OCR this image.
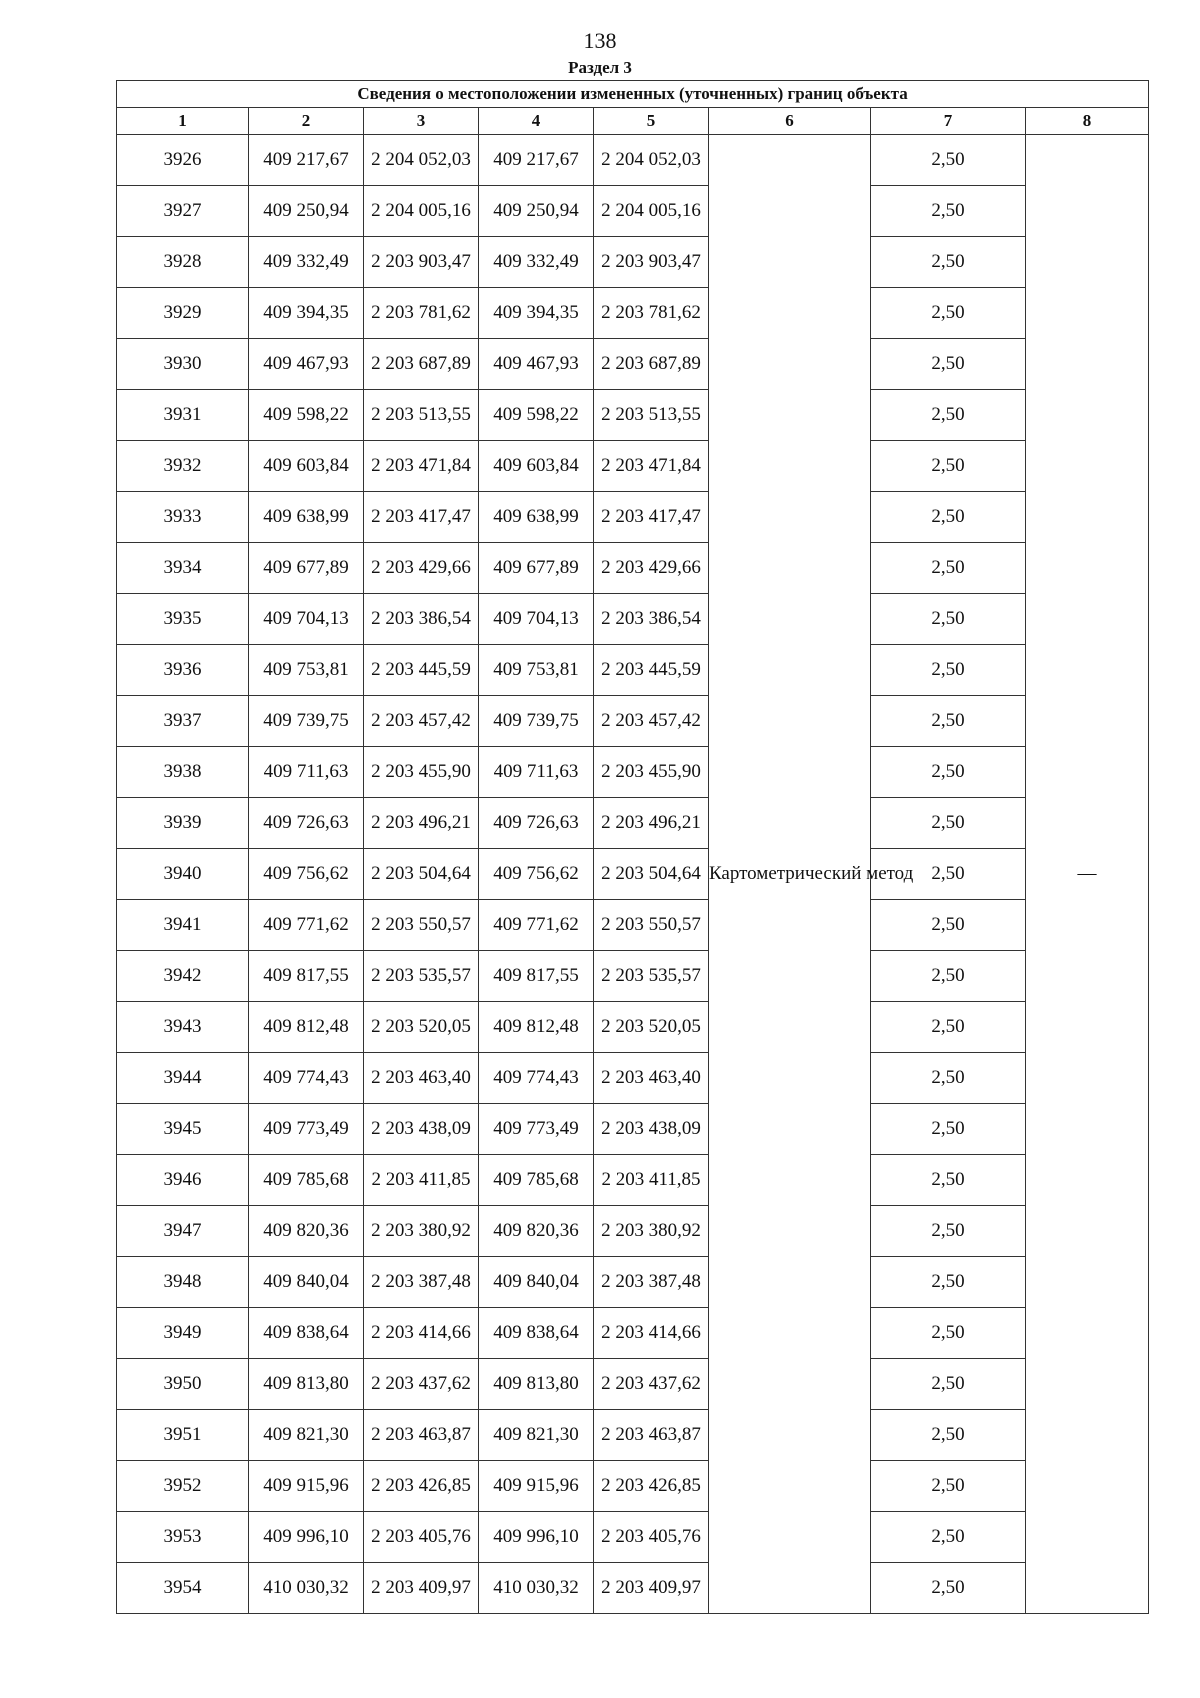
138
Раздел 3
Сведения о местоположении измененных (уточненных) границ объекта							
1	2	3	4	5	6	7	8
3926	409 217,67	2 204 052,03	409 217,67	2 204 052,03	Картометрический метод	2,50	—
3927	409 250,94	2 204 005,16	409 250,94	2 204 005,16		2,50	
3928	409 332,49	2 203 903,47	409 332,49	2 203 903,47		2,50	
3929	409 394,35	2 203 781,62	409 394,35	2 203 781,62		2,50	
3930	409 467,93	2 203 687,89	409 467,93	2 203 687,89		2,50	
3931	409 598,22	2 203 513,55	409 598,22	2 203 513,55		2,50	
3932	409 603,84	2 203 471,84	409 603,84	2 203 471,84		2,50	
3933	409 638,99	2 203 417,47	409 638,99	2 203 417,47		2,50	
3934	409 677,89	2 203 429,66	409 677,89	2 203 429,66		2,50	
3935	409 704,13	2 203 386,54	409 704,13	2 203 386,54		2,50	
3936	409 753,81	2 203 445,59	409 753,81	2 203 445,59		2,50	
3937	409 739,75	2 203 457,42	409 739,75	2 203 457,42		2,50	
3938	409 711,63	2 203 455,90	409 711,63	2 203 455,90		2,50	
3939	409 726,63	2 203 496,21	409 726,63	2 203 496,21		2,50	
3940	409 756,62	2 203 504,64	409 756,62	2 203 504,64		2,50	
3941	409 771,62	2 203 550,57	409 771,62	2 203 550,57		2,50	
3942	409 817,55	2 203 535,57	409 817,55	2 203 535,57		2,50	
3943	409 812,48	2 203 520,05	409 812,48	2 203 520,05		2,50	
3944	409 774,43	2 203 463,40	409 774,43	2 203 463,40		2,50	
3945	409 773,49	2 203 438,09	409 773,49	2 203 438,09		2,50	
3946	409 785,68	2 203 411,85	409 785,68	2 203 411,85		2,50	
3947	409 820,36	2 203 380,92	409 820,36	2 203 380,92		2,50	
3948	409 840,04	2 203 387,48	409 840,04	2 203 387,48		2,50	
3949	409 838,64	2 203 414,66	409 838,64	2 203 414,66		2,50	
3950	409 813,80	2 203 437,62	409 813,80	2 203 437,62		2,50	
3951	409 821,30	2 203 463,87	409 821,30	2 203 463,87		2,50	
3952	409 915,96	2 203 426,85	409 915,96	2 203 426,85		2,50	
3953	409 996,10	2 203 405,76	409 996,10	2 203 405,76		2,50	
3954	410 030,32	2 203 409,97	410 030,32	2 203 409,97		2,50	
